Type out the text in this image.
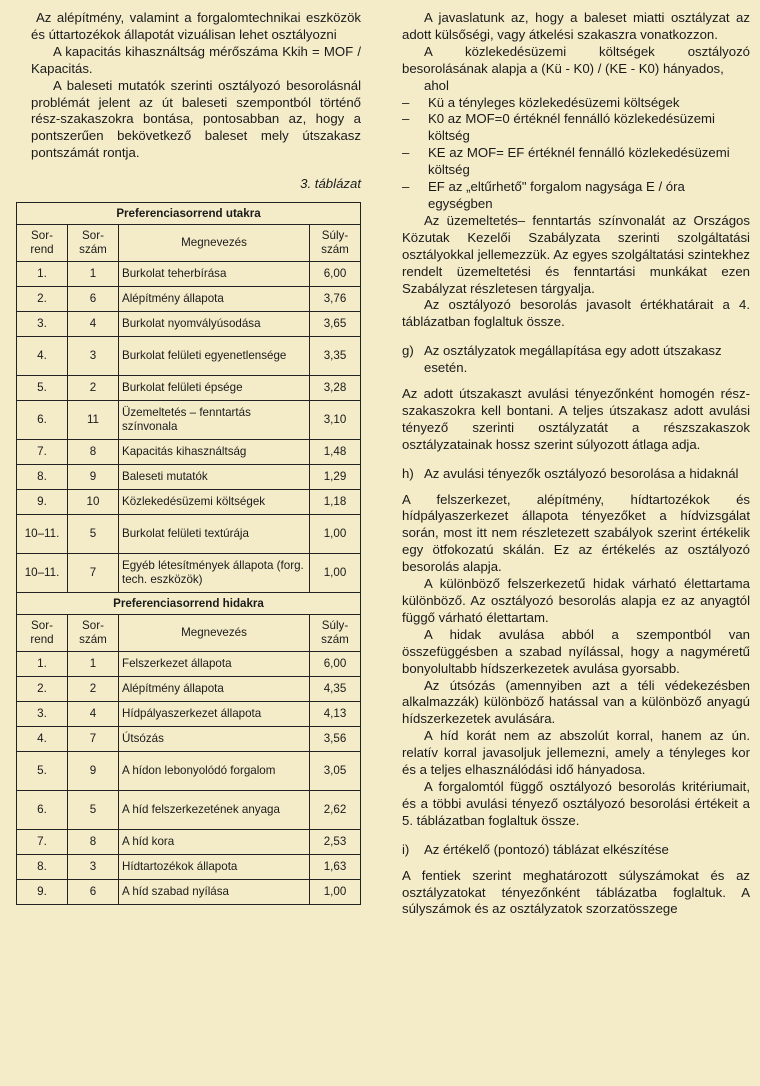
Az alépítmény, valamint a forgalomtechnikai eszközök és úttartozékok állapotát vizuálisan lehet osztályozni

A kapacitás kihasználtság mérőszáma Kkih = MOF / Kapacitás.

A baleseti mutatók szerinti osztályozó besorolásnál problémát jelent az út baleseti szempontból történő rész-szakaszokra bontása, pontosabban az, hogy a pontszerűen bekövetkező baleset mely útszakasz pontszámát rontja.

3. táblázat
Preferenciasorrend utakra			
Sor-rend	Sor-szám	Megnevezés	Súly-szám
1.	1	Burkolat teherbírása	6,00
2.	6	Alépítmény állapota	3,76
3.	4	Burkolat nyomvályúsodása	3,65
4.	3	Burkolat felületi egyenetlensége	3,35
5.	2	Burkolat felületi épsége	3,28
6.	11	Üzemeltetés – fenntartás színvonala	3,10
7.	8	Kapacitás kihasználtság	1,48
8.	9	Baleseti mutatók	1,29
9.	10	Közlekedésüzemi költségek	1,18
10–11.	5	Burkolat felületi textúrája	1,00
10–11.	7	Egyéb létesítmények állapota (forg. tech. eszközök)	1,00
Preferenciasorrend hidakra			
Sor-rend	Sor-szám	Megnevezés	Súly-szám
1.	1	Felszerkezet állapota	6,00
2.	2	Alépítmény állapota	4,35
3.	4	Hídpályaszerkezet állapota	4,13
4.	7	Útsózás	3,56
5.	9	A hídon lebonyolódó forgalom	3,05
6.	5	A híd felszerkezetének anyaga	2,62
7.	8	A híd kora	2,53
8.	3	Hídtartozékok állapota	1,63
9.	6	A híd szabad nyílása	1,00

A javaslatunk az, hogy a baleset miatti osztályzat az adott külsőségi, vagy átkelési szakaszra vonatkozzon.

A közlekedésüzemi költségek osztályozó besorolásának alapja a (Kü - K0) / (KE - K0) hányados,

ahol

–	Kü a tényleges közlekedésüzemi költségek
–	K0 az MOF=0 értéknél fennálló közlekedésüzemi költség
–	KE az MOF= EF értéknél fennálló közlekedésüzemi költség
–	EF az „eltűrhető" forgalom nagysága E / óra egységben

Az üzemeltetés– fenntartás színvonalát az Országos Közutak Kezelői Szabályzata szerinti szolgáltatási osztályokkal jellemezzük. Az egyes szolgáltatási szintekhez rendelt üzemeltetési és fenntartási munkákat ezen Szabályzat részletesen tárgyalja.

Az osztályozó besorolás javasolt értékhatárait a 4. táblázatban foglaltuk össze.

g) Az osztályzatok megállapítása egy adott útszakasz esetén.

Az adott útszakaszt avulási tényezőnként homogén rész-szakaszokra kell bontani. A teljes útszakasz adott avulási tényező szerinti osztályzatát a részszakaszok osztályzatainak hossz szerint súlyozott átlaga adja.

h) Az avulási tényezők osztályozó besorolása a hidaknál

A felszerkezet, alépítmény, hídtartozékok és hídpályaszerkezet állapota tényezőket a hídvizsgálat során, most itt nem részletezett szabályok szerint értékelik egy ötfokozatú skálán. Ez az értékelés az osztályozó besorolás alapja.

A különböző felszerkezetű hidak várható élettartama különböző. Az osztályozó besorolás alapja ez az anyagtól függő várható élettartam.

A hidak avulása abból a szempontból van összefüggésben a szabad nyílással, hogy a nagyméretű bonyolultabb hídszerkezetek avulása gyorsabb.

Az útsózás (amennyiben azt a téli védekezésben alkalmazzák) különböző hatással van a különböző anyagú hídszerkezetek avulására.

A híd korát nem az abszolút korral, hanem az ún. relatív korral javasoljuk jellemezni, amely a tényleges kor és a teljes elhasználódási idő hányadosa.

A forgalomtól függő osztályozó besorolás kritériumait, és a többi avulási tényező osztályozó besorolási értékeit a 5. táblázatban foglaltuk össze.

i)	Az értékelő (pontozó) táblázat elkészítése

A fentiek szerint meghatározott súlyszámokat és az osztályzatokat tényezőnként táblázatba foglaltuk. A súlyszámok és az osztályzatok szorzatösszege
